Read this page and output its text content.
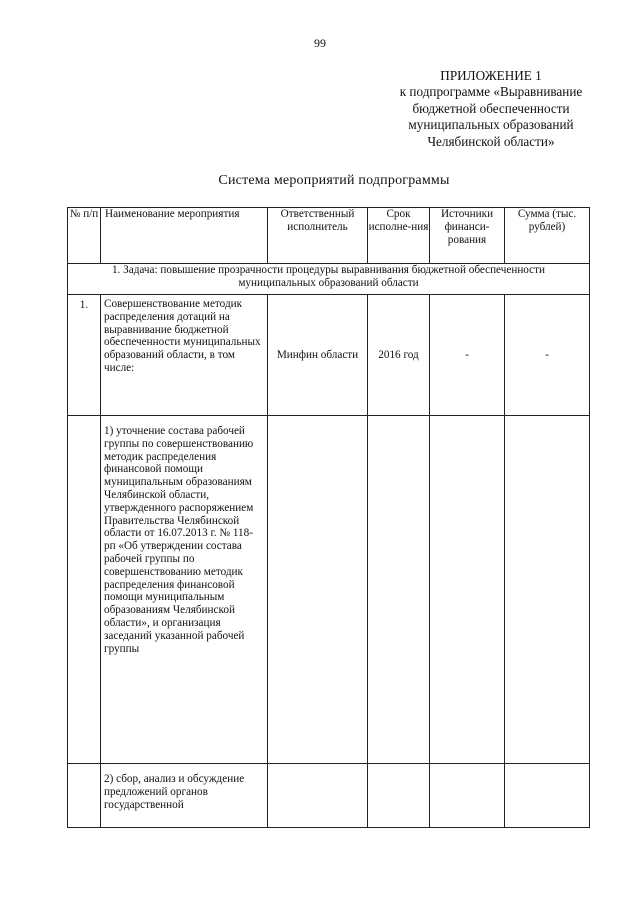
99
ПРИЛОЖЕНИЕ 1
к подпрограмме «Выравнивание
бюджетной обеспеченности
муниципальных образований
Челябинской области»
Система мероприятий подпрограммы
№ п/п	Наименование мероприятия	Ответственный исполнитель	Срок исполне-ния	Источники финанси-рования	Сумма (тыс. рублей)

1. Задача: повышение прозрачности процедуры выравнивания бюджетной обеспеченности
муниципальных образований области					

1.	Совершенствование методик распределения дотаций на выравнивание бюджетной обеспеченности муниципальных образований области, в том числе:	Минфин области	2016 год	-	-
	1) уточнение состава рабочей группы по совершенствованию методик распределения финансовой помощи муниципальным образованиям Челябинской области, утвержденного распоряжением Правительства Челябинской области от 16.07.2013 г. № 118-рп «Об утверждении состава рабочей группы по совершенствованию методик распределения финансовой помощи муниципальным образованиям Челябинской области», и организация заседаний указанной рабочей группы				
	2) сбор, анализ и обсуждение предложений органов государственной				
